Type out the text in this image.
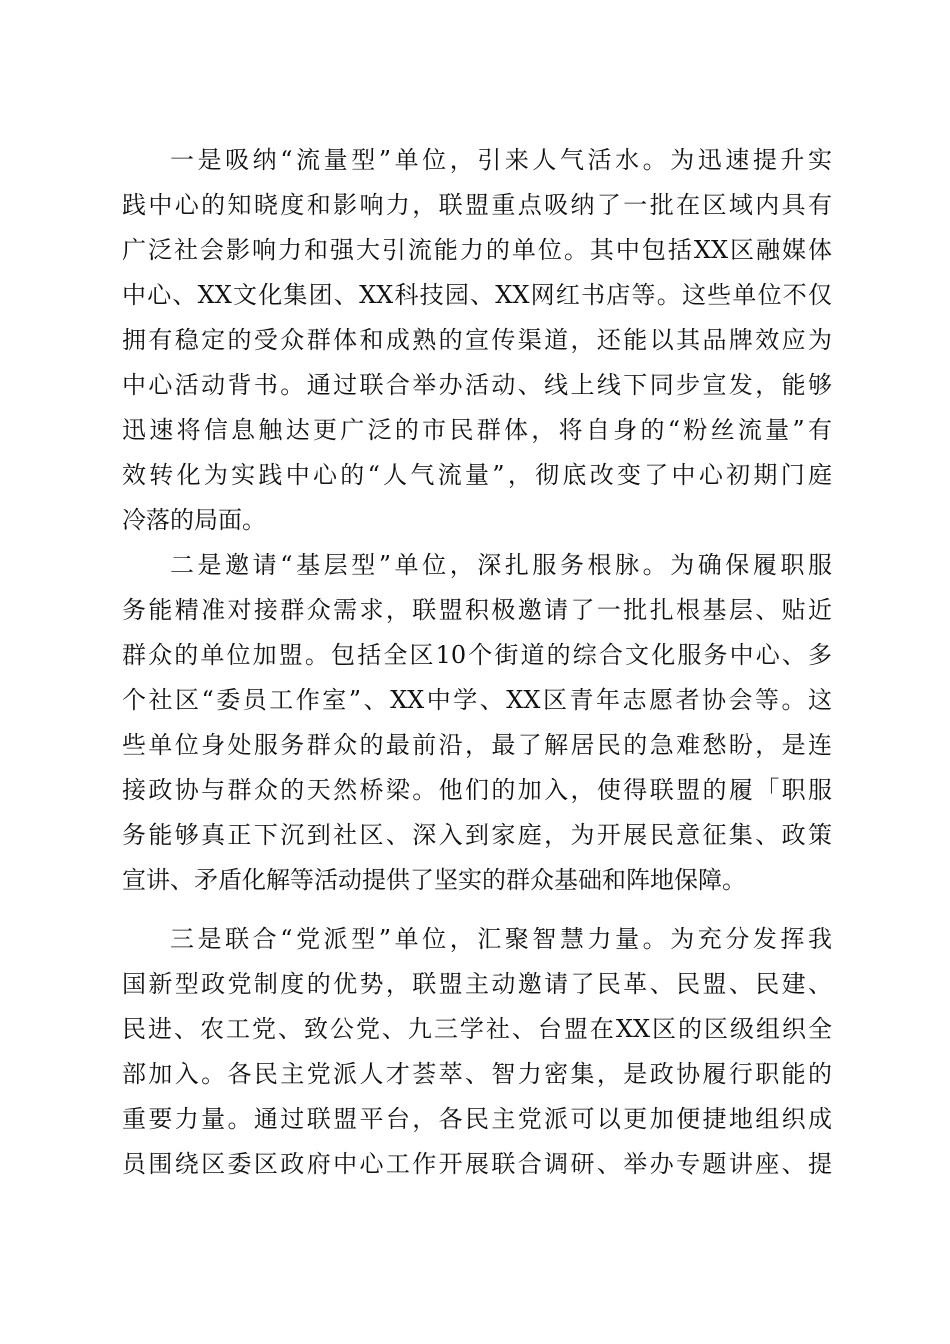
一是吸纳“流量型”单位，引来人气活水。为迅速提升实
践中心的知晓度和影响力，联盟重点吸纳了一批在区域内具有
广泛社会影响力和强大引流能力的单位。其中包括XX区融媒体
中心、XX文化集团、XX科技园、XX网红书店等。这些单位不仅
拥有稳定的受众群体和成熟的宣传渠道，还能以其品牌效应为
中心活动背书。通过联合举办活动、线上线下同步宣发，能够
迅速将信息触达更广泛的市民群体，将自身的“粉丝流量”有
效转化为实践中心的“人气流量”，彻底改变了中心初期门庭
冷落的局面。
二是邀请“基层型”单位，深扎服务根脉。为确保履职服
务能精准对接群众需求，联盟积极邀请了一批扎根基层、贴近
群众的单位加盟。包括全区10个街道的综合文化服务中心、多
个社区“委员工作室”、XX中学、XX区青年志愿者协会等。这
些单位身处服务群众的最前沿，最了解居民的急难愁盼，是连
接政协与群众的天然桥梁。他们的加入，使得联盟的履「职服
务能够真正下沉到社区、深入到家庭，为开展民意征集、政策
宣讲、矛盾化解等活动提供了坚实的群众基础和阵地保障。
三是联合“党派型”单位，汇聚智慧力量。为充分发挥我
国新型政党制度的优势，联盟主动邀请了民革、民盟、民建、
民进、农工党、致公党、九三学社、台盟在XX区的区级组织全
部加入。各民主党派人才荟萃、智力密集，是政协履行职能的
重要力量。通过联盟平台，各民主党派可以更加便捷地组织成
员围绕区委区政府中心工作开展联合调研、举办专题讲座、提
